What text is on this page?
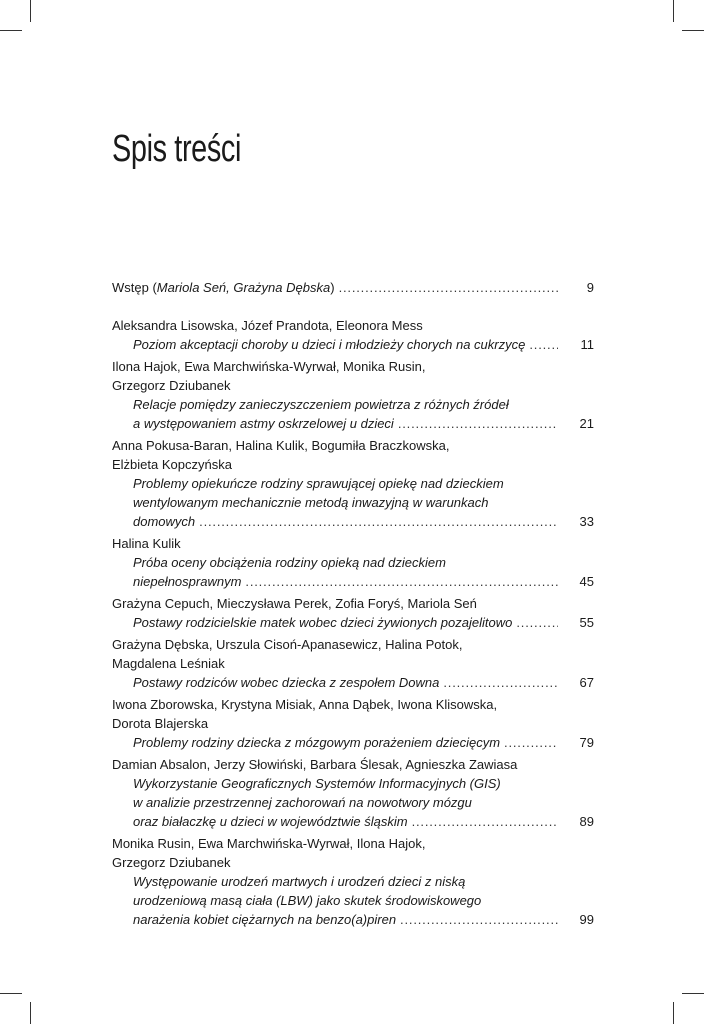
Spis treści
Wstęp (Mariola Seń, Grażyna Dębska) . . .	9
Aleksandra Lisowska, Józef Prandota, Eleonora Mess
Poziom akceptacji choroby u dzieci i młodzieży chorych na cukrzycę . . .	11
Ilona Hajok, Ewa Marchwińska-Wyrwał, Monika Rusin,
Grzegorz Dziubanek
Relacje pomiędzy zanieczyszczeniem powietrza z różnych źródeł
a występowaniem astmy oskrzelowej u dzieci . . .	21
Anna Pokusa-Baran, Halina Kulik, Bogumiła Braczkowska,
Elżbieta Kopczyńska
Problemy opiekuńcze rodziny sprawującej opiekę nad dzieckiem
wentylowanym mechanicznie metodą inwazyjną w warunkach
domowych . . .	33
Halina Kulik
Próba oceny obciążenia rodziny opieką nad dzieckiem
niepełnosprawnym . . .	45
Grażyna Cepuch, Mieczysława Perek, Zofia Foryś, Mariola Seń
Postawy rodzicielskie matek wobec dzieci żywionych pozajelitowo . . .	55
Grażyna Dębska, Urszula Cisoń-Apanasewicz, Halina Potok,
Magdalena Leśniak
Postawy rodziców wobec dziecka z zespołem Downa . . .	67
Iwona Zborowska, Krystyna Misiak, Anna Dąbek, Iwona Klisowska,
Dorota Blajerska
Problemy rodziny dziecka z mózgowym porażeniem dziecięcym . . .	79
Damian Absalon, Jerzy Słowiński, Barbara Ślesak, Agnieszka Zawiasa
Wykorzystanie Geograficznych Systemów Informacyjnych (GIS)
w analizie przestrzennej zachorowań na nowotwory mózgu
oraz białaczkę u dzieci w województwie śląskim . . .	89
Monika Rusin, Ewa Marchwińska-Wyrwał, Ilona Hajok,
Grzegorz Dziubanek
Występowanie urodzeń martwych i urodzeń dzieci z niską
urodzeniową masą ciała (LBW) jako skutek środowiskowego
narażenia kobiet ciężarnych na benzo(a)piren . . .	99
